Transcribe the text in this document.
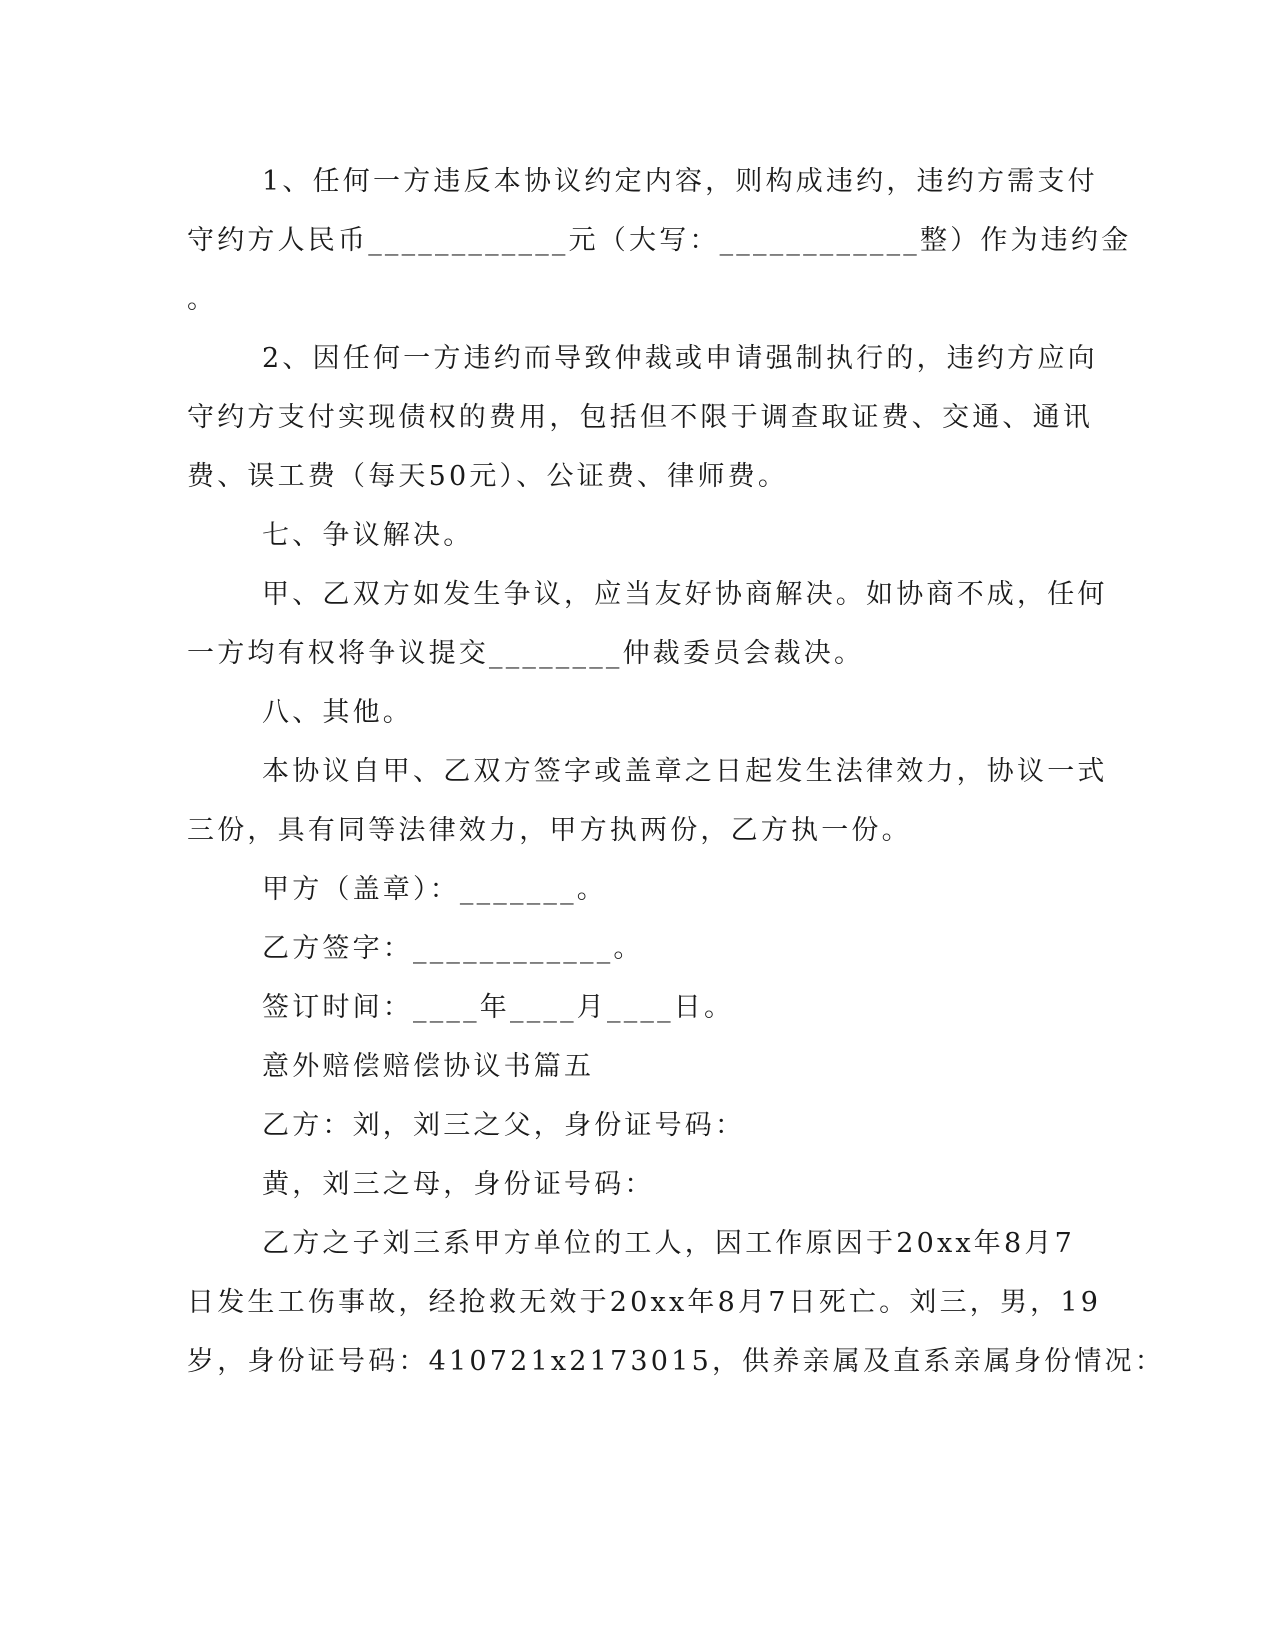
1、任何一方违反本协议约定内容，则构成违约，违约方需支付
守约方人民币____________元（大写：____________整）作为违约金
。
2、因任何一方违约而导致仲裁或申请强制执行的，违约方应向
守约方支付实现债权的费用，包括但不限于调查取证费、交通、通讯
费、误工费（每天50元）、公证费、律师费。
七、争议解决。
甲、乙双方如发生争议，应当友好协商解决。如协商不成，任何
一方均有权将争议提交________仲裁委员会裁决。
八、其他。
本协议自甲、乙双方签字或盖章之日起发生法律效力，协议一式
三份，具有同等法律效力，甲方执两份，乙方执一份。
甲方（盖章）：_______。
乙方签字：____________。
签订时间：____年____月____日。
意外赔偿赔偿协议书篇五
乙方：刘，刘三之父，身份证号码：
黄，刘三之母，身份证号码：
乙方之子刘三系甲方单位的工人，因工作原因于20xx年8月7
日发生工伤事故，经抢救无效于20xx年8月7日死亡。刘三，男，19
岁，身份证号码：410721x2173015，供养亲属及直系亲属身份情况：
